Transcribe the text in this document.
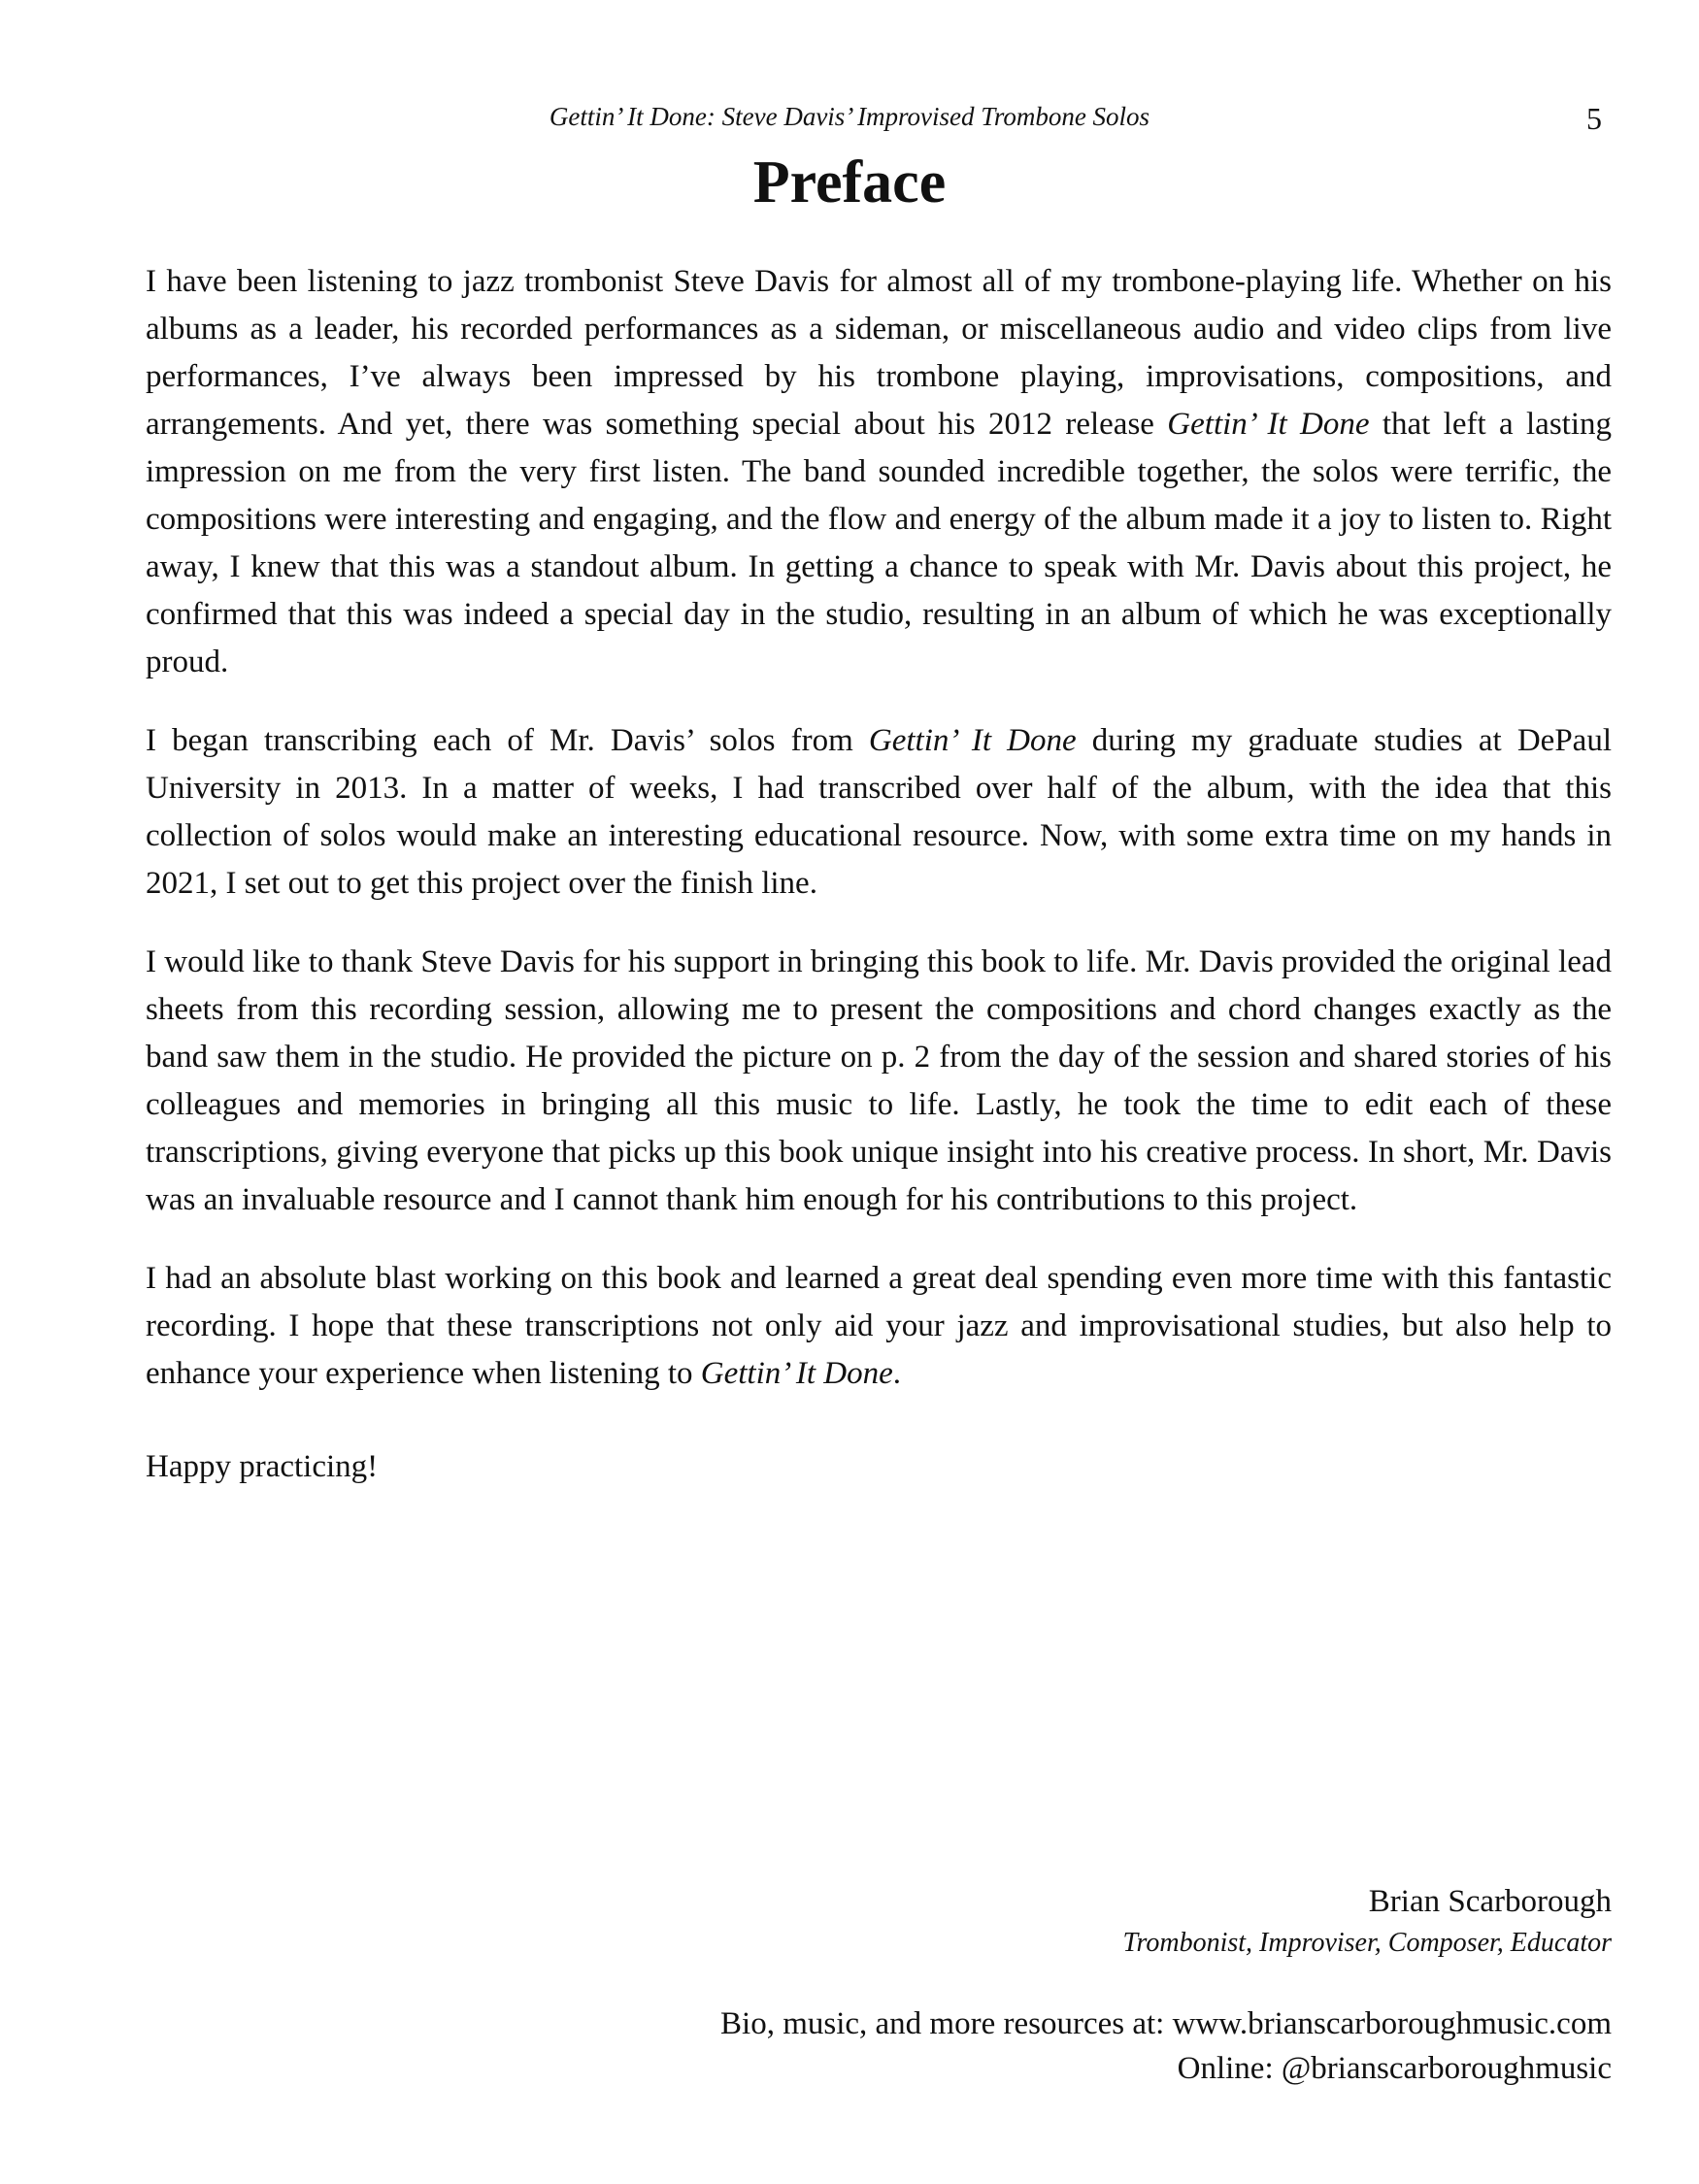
Gettin’ It Done: Steve Davis’ Improvised Trombone Solos	5
Preface

I have been listening to jazz trombonist Steve Davis for almost all of my trombone-playing life. Whether on his albums as a leader, his recorded performances as a sideman, or miscellaneous audio and video clips from live performances, I’ve always been impressed by his trombone playing, improvisations, compositions, and arrangements. And yet, there was something special about his 2012 release Gettin’ It Done that left a lasting impression on me from the very first listen. The band sounded incredible together, the solos were terrific, the compositions were interesting and engaging, and the flow and energy of the album made it a joy to listen to. Right away, I knew that this was a standout album. In getting a chance to speak with Mr. Davis about this project, he confirmed that this was indeed a special day in the studio, resulting in an album of which he was exceptionally proud.

I began transcribing each of Mr. Davis’ solos from Gettin’ It Done during my graduate studies at DePaul University in 2013. In a matter of weeks, I had transcribed over half of the album, with the idea that this collection of solos would make an interesting educational resource. Now, with some extra time on my hands in 2021, I set out to get this project over the finish line.

I would like to thank Steve Davis for his support in bringing this book to life. Mr. Davis provided the original lead sheets from this recording session, allowing me to present the compositions and chord changes exactly as the band saw them in the studio. He provided the picture on p. 2 from the day of the session and shared stories of his colleagues and memories in bringing all this music to life. Lastly, he took the time to edit each of these transcriptions, giving everyone that picks up this book unique insight into his creative process. In short, Mr. Davis was an invaluable resource and I cannot thank him enough for his contributions to this project.

I had an absolute blast working on this book and learned a great deal spending even more time with this fantastic recording. I hope that these transcriptions not only aid your jazz and improvisational studies, but also help to enhance your experience when listening to Gettin’ It Done.

Happy practicing!

Brian Scarborough
Trombonist, Improviser, Composer, Educator
Bio, music, and more resources at: www.brianscarboroughmusic.com
Online: @brianscarboroughmusic
